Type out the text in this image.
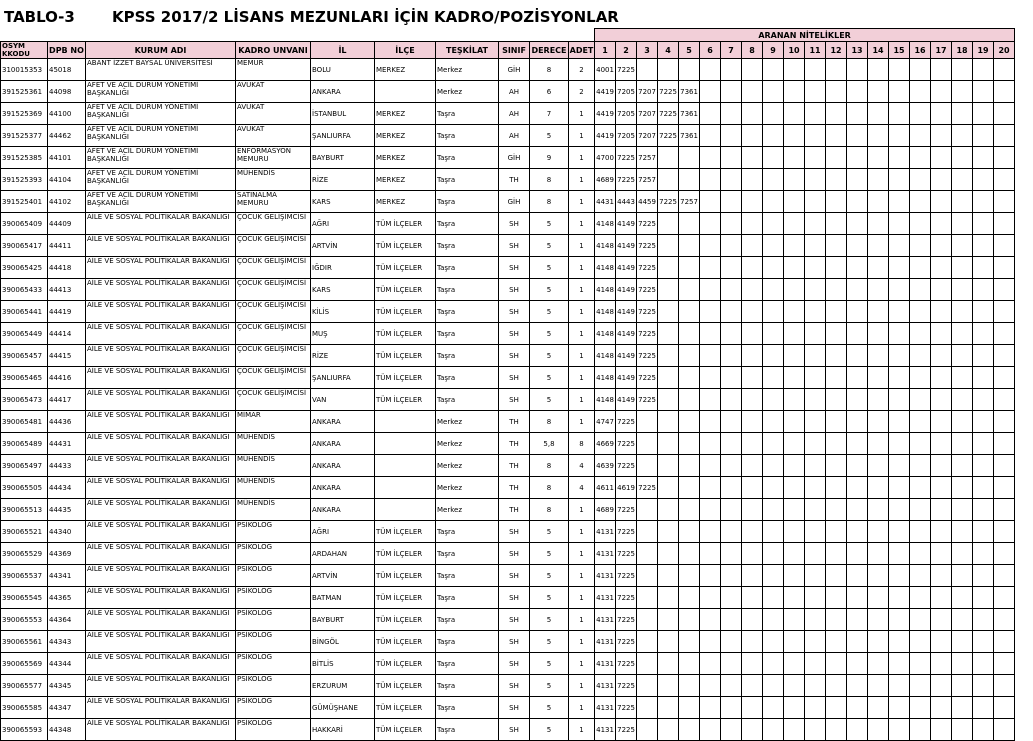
TABLO-3 KPSS 2017/2 LİSANS MEZUNLARI İÇİN KADRO/POZİSYONLAR
										ARANAN NİTELİKLER																			
ÖSYM KKODU	DPB NO	KURUM ADI	KADRO UNVANI	İL	İLÇE	TEŞKİLAT	SINIF	DERECE	ADET	1	2	3	4	5	6	7	8	9	10	11	12	13	14	15	16	17	18	19	20
310015353	45018	ABANT İZZET BAYSAL ÜNİVERSİTESİ	MEMUR	BOLU	MERKEZ	Merkez	GİH	8	2	4001	7225																		
391525361	44098	AFET VE ACİL DURUM YÖNETİMİ BAŞKANLIĞI	AVUKAT	ANKARA		Merkez	AH	6	2	4419	7205	7207	7225	7361															
391525369	44100	AFET VE ACİL DURUM YÖNETİMİ BAŞKANLIĞI	AVUKAT	İSTANBUL	MERKEZ	Taşra	AH	7	1	4419	7205	7207	7225	7361															
391525377	44462	AFET VE ACİL DURUM YÖNETİMİ BAŞKANLIĞI	AVUKAT	ŞANLIURFA	MERKEZ	Taşra	AH	5	1	4419	7205	7207	7225	7361															
391525385	44101	AFET VE ACİL DURUM YÖNETİMİ BAŞKANLIĞI	ENFORMASYON MEMURU	BAYBURT	MERKEZ	Taşra	GİH	9	1	4700	7225	7257																	
391525393	44104	AFET VE ACİL DURUM YÖNETİMİ BAŞKANLIĞI	MÜHENDİS	RİZE	MERKEZ	Taşra	TH	8	1	4689	7225	7257																	
391525401	44102	AFET VE ACİL DURUM YÖNETİMİ BAŞKANLIĞI	SATINALMA MEMURU	KARS	MERKEZ	Taşra	GİH	8	1	4431	4443	4459	7225	7257															
390065409	44409	AİLE VE SOSYAL POLİTİKALAR BAKANLIĞI	ÇOCUK GELİŞİMCİSİ	AĞRI	TÜM İLÇELER	Taşra	SH	5	1	4148	4149	7225																	
390065417	44411	AİLE VE SOSYAL POLİTİKALAR BAKANLIĞI	ÇOCUK GELİŞİMCİSİ	ARTVİN	TÜM İLÇELER	Taşra	SH	5	1	4148	4149	7225																	
390065425	44418	AİLE VE SOSYAL POLİTİKALAR BAKANLIĞI	ÇOCUK GELİŞİMCİSİ	IĞDIR	TÜM İLÇELER	Taşra	SH	5	1	4148	4149	7225																	
390065433	44413	AİLE VE SOSYAL POLİTİKALAR BAKANLIĞI	ÇOCUK GELİŞİMCİSİ	KARS	TÜM İLÇELER	Taşra	SH	5	1	4148	4149	7225																	
390065441	44419	AİLE VE SOSYAL POLİTİKALAR BAKANLIĞI	ÇOCUK GELİŞİMCİSİ	KİLİS	TÜM İLÇELER	Taşra	SH	5	1	4148	4149	7225																	
390065449	44414	AİLE VE SOSYAL POLİTİKALAR BAKANLIĞI	ÇOCUK GELİŞİMCİSİ	MUŞ	TÜM İLÇELER	Taşra	SH	5	1	4148	4149	7225																	
390065457	44415	AİLE VE SOSYAL POLİTİKALAR BAKANLIĞI	ÇOCUK GELİŞİMCİSİ	RİZE	TÜM İLÇELER	Taşra	SH	5	1	4148	4149	7225																	
390065465	44416	AİLE VE SOSYAL POLİTİKALAR BAKANLIĞI	ÇOCUK GELİŞİMCİSİ	ŞANLIURFA	TÜM İLÇELER	Taşra	SH	5	1	4148	4149	7225																	
390065473	44417	AİLE VE SOSYAL POLİTİKALAR BAKANLIĞI	ÇOCUK GELİŞİMCİSİ	VAN	TÜM İLÇELER	Taşra	SH	5	1	4148	4149	7225																	
390065481	44436	AİLE VE SOSYAL POLİTİKALAR BAKANLIĞI	MİMAR	ANKARA		Merkez	TH	8	1	4747	7225																		
390065489	44431	AİLE VE SOSYAL POLİTİKALAR BAKANLIĞI	MÜHENDİS	ANKARA		Merkez	TH	5,8	8	4669	7225																		
390065497	44433	AİLE VE SOSYAL POLİTİKALAR BAKANLIĞI	MÜHENDİS	ANKARA		Merkez	TH	8	4	4639	7225																		
390065505	44434	AİLE VE SOSYAL POLİTİKALAR BAKANLIĞI	MÜHENDİS	ANKARA		Merkez	TH	8	4	4611	4619	7225																	
390065513	44435	AİLE VE SOSYAL POLİTİKALAR BAKANLIĞI	MÜHENDİS	ANKARA		Merkez	TH	8	1	4689	7225																		
390065521	44340	AİLE VE SOSYAL POLİTİKALAR BAKANLIĞI	PSİKOLOG	AĞRI	TÜM İLÇELER	Taşra	SH	5	1	4131	7225																		
390065529	44369	AİLE VE SOSYAL POLİTİKALAR BAKANLIĞI	PSİKOLOG	ARDAHAN	TÜM İLÇELER	Taşra	SH	5	1	4131	7225																		
390065537	44341	AİLE VE SOSYAL POLİTİKALAR BAKANLIĞI	PSİKOLOG	ARTVİN	TÜM İLÇELER	Taşra	SH	5	1	4131	7225																		
390065545	44365	AİLE VE SOSYAL POLİTİKALAR BAKANLIĞI	PSİKOLOG	BATMAN	TÜM İLÇELER	Taşra	SH	5	1	4131	7225																		
390065553	44364	AİLE VE SOSYAL POLİTİKALAR BAKANLIĞI	PSİKOLOG	BAYBURT	TÜM İLÇELER	Taşra	SH	5	1	4131	7225																		
390065561	44343	AİLE VE SOSYAL POLİTİKALAR BAKANLIĞI	PSİKOLOG	BİNGÖL	TÜM İLÇELER	Taşra	SH	5	1	4131	7225																		
390065569	44344	AİLE VE SOSYAL POLİTİKALAR BAKANLIĞI	PSİKOLOG	BİTLİS	TÜM İLÇELER	Taşra	SH	5	1	4131	7225																		
390065577	44345	AİLE VE SOSYAL POLİTİKALAR BAKANLIĞI	PSİKOLOG	ERZURUM	TÜM İLÇELER	Taşra	SH	5	1	4131	7225																		
390065585	44347	AİLE VE SOSYAL POLİTİKALAR BAKANLIĞI	PSİKOLOG	GÜMÜŞHANE	TÜM İLÇELER	Taşra	SH	5	1	4131	7225																		
390065593	44348	AİLE VE SOSYAL POLİTİKALAR BAKANLIĞI	PSİKOLOG	HAKKARİ	TÜM İLÇELER	Taşra	SH	5	1	4131	7225																		
